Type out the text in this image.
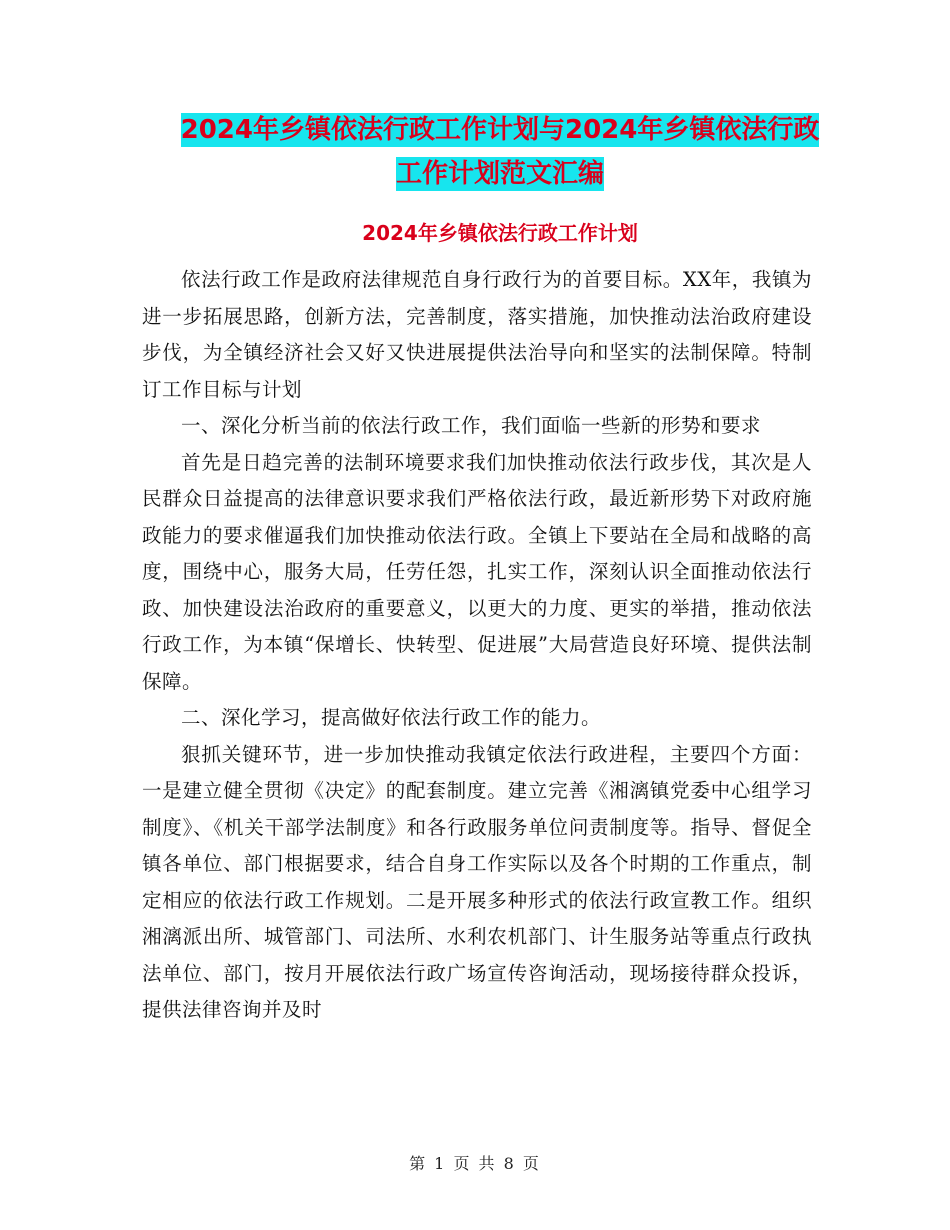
2024年乡镇依法行政工作计划与2024年乡镇依法行政
工作计划范文汇编
2024年乡镇依法行政工作计划

依法行政工作是政府法律规范自身行政行为的首要目标。XX年，我镇为进一步拓展思路，创新方法，完善制度，落实措施，加快推动法治政府建设步伐，为全镇经济社会又好又快进展提供法治导向和坚实的法制保障。特制订工作目标与计划

一、深化分析当前的依法行政工作，我们面临一些新的形势和要求

首先是日趋完善的法制环境要求我们加快推动依法行政步伐，其次是人民群众日益提高的法律意识要求我们严格依法行政，最近新形势下对政府施政能力的要求催逼我们加快推动依法行政。全镇上下要站在全局和战略的高度，围绕中心，服务大局，任劳任怨，扎实工作，深刻认识全面推动依法行政、加快建设法治政府的重要意义，以更大的力度、更实的举措，推动依法行政工作，为本镇“保增长、快转型、促进展”大局营造良好环境、提供法制保障。

二、深化学习，提高做好依法行政工作的能力。

狠抓关键环节，进一步加快推动我镇定依法行政进程，主要四个方面：一是建立健全贯彻《决定》的配套制度。建立完善《湘漓镇党委中心组学习制度》、《机关干部学法制度》和各行政服务单位问责制度等。指导、督促全镇各单位、部门根据要求，结合自身工作实际以及各个时期的工作重点，制定相应的依法行政工作规划。二是开展多种形式的依法行政宣教工作。组织湘漓派出所、城管部门、司法所、水利农机部门、计生服务站等重点行政执法单位、部门，按月开展依法行政广场宣传咨询活动，现场接待群众投诉，提供法律咨询并及时

第 1 页 共 8 页
